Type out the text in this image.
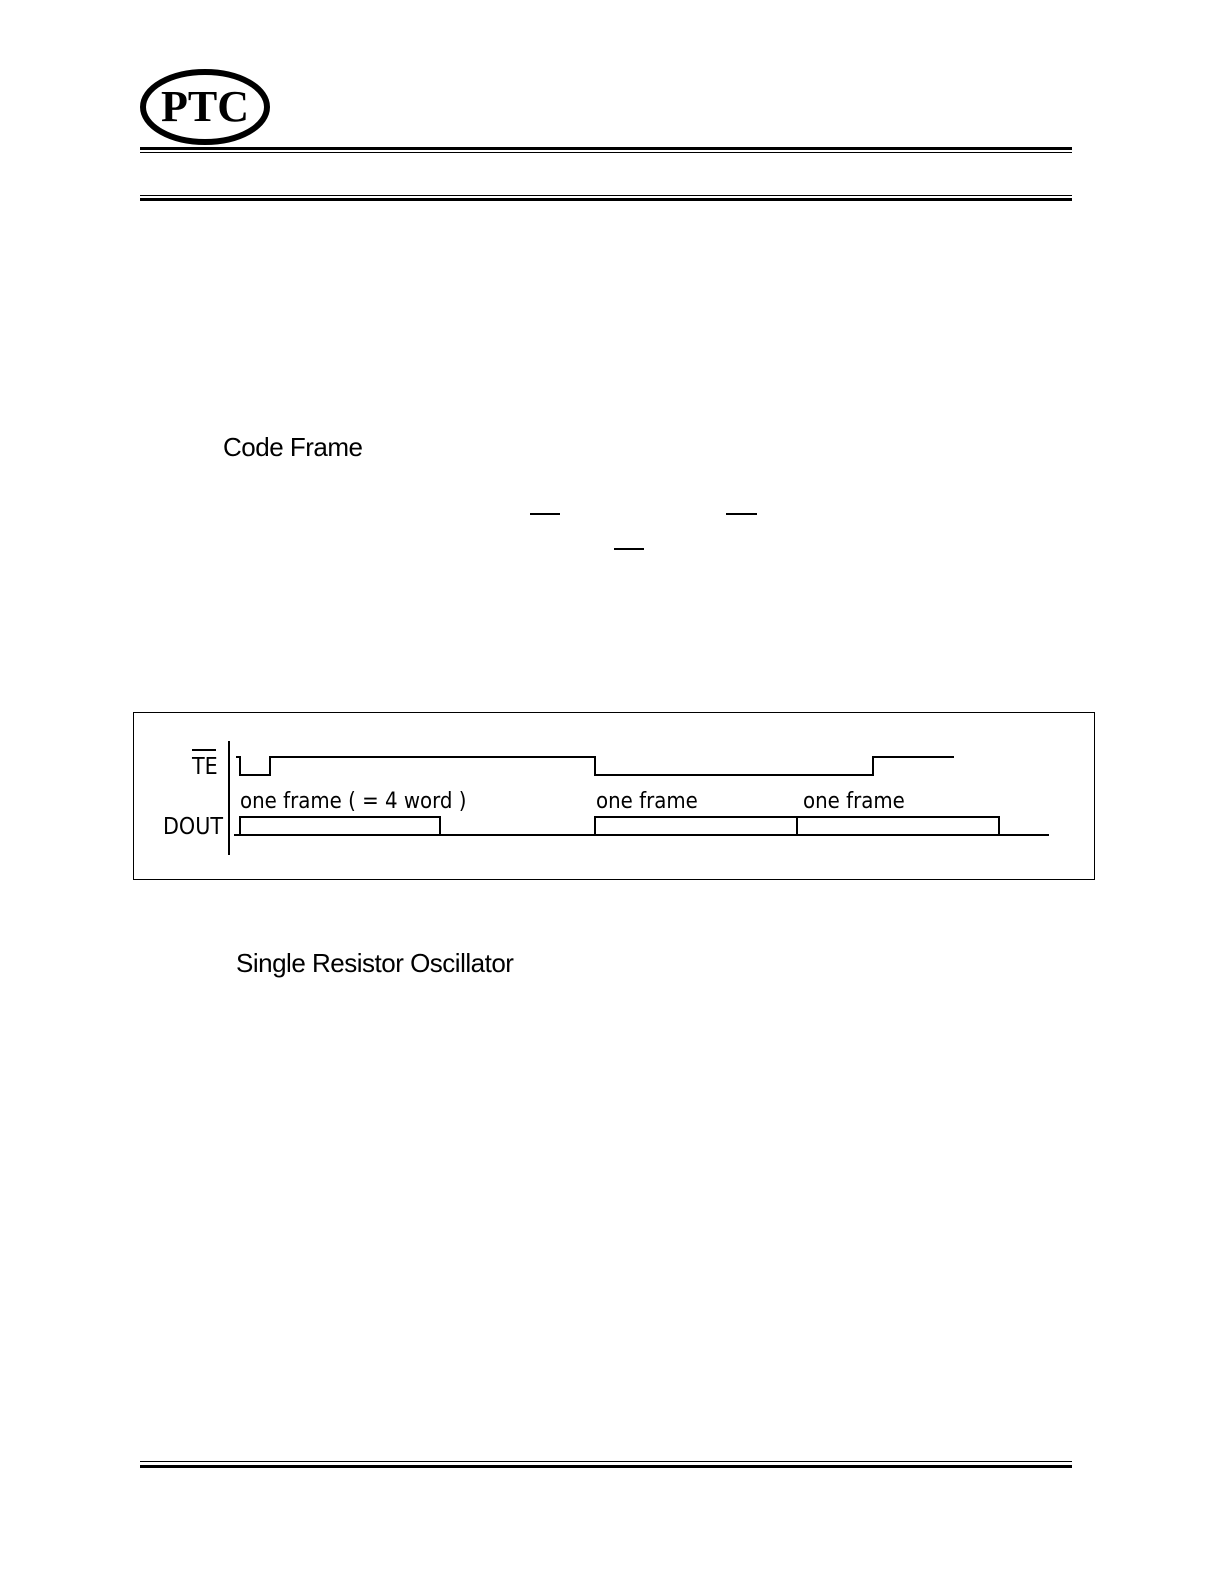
PTC
Code Frame
TE
one frame ( = 4 word )	one frame	one frame
DOUT
Single Resistor Oscillator
